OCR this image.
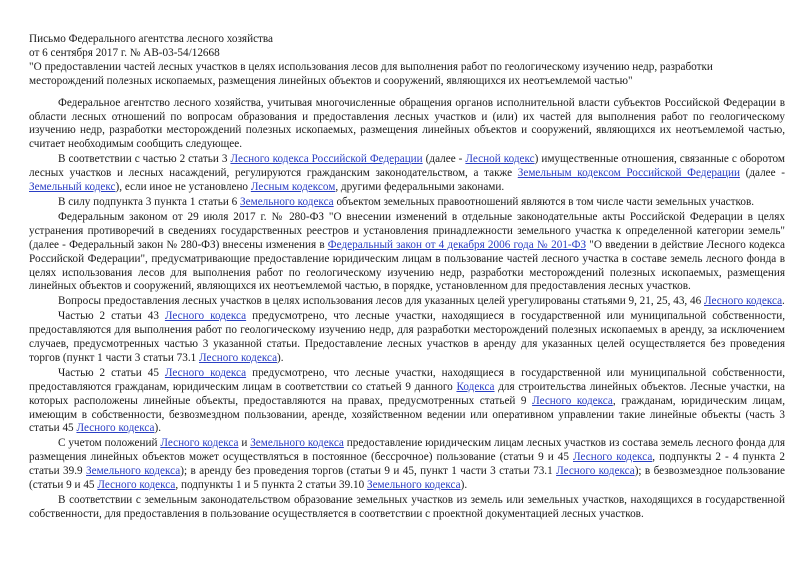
Письмо Федерального агентства лесного хозяйства
от 6 сентября 2017 г. № АВ-03-54/12668
"О предоставлении частей лесных участков в целях использования лесов для выполнения работ по геологическому изучению недр, разработки месторождений полезных ископаемых, размещения линейных объектов и сооружений, являющихся их неотъемлемой частью"
Федеральное агентство лесного хозяйства, учитывая многочисленные обращения органов исполнительной власти субъектов Российской Федерации в области лесных отношений по вопросам образования и предоставления лесных участков и (или) их частей для выполнения работ по геологическому изучению недр, разработки месторождений полезных ископаемых, размещения линейных объектов и сооружений, являющихся их неотъемлемой частью, считает необходимым сообщить следующее.
В соответствии с частью 2 статьи 3 Лесного кодекса Российской Федерации (далее - Лесной кодекс) имущественные отношения, связанные с оборотом лесных участков и лесных насаждений, регулируются гражданским законодательством, а также Земельным кодексом Российской Федерации (далее - Земельный кодекс), если иное не установлено Лесным кодексом, другими федеральными законами.
В силу подпункта 3 пункта 1 статьи 6 Земельного кодекса объектом земельных правоотношений являются в том числе части земельных участков.
Федеральным законом от 29 июля 2017 г. № 280-ФЗ "О внесении изменений в отдельные законодательные акты Российской Федерации в целях устранения противоречий в сведениях государственных реестров и установления принадлежности земельного участка к определенной категории земель" (далее - Федеральный закон № 280-ФЗ) внесены изменения в Федеральный закон от 4 декабря 2006 года № 201-ФЗ "О введении в действие Лесного кодекса Российской Федерации", предусматривающие предоставление юридическим лицам в пользование частей лесного участка в составе земель лесного фонда в целях использования лесов для выполнения работ по геологическому изучению недр, разработки месторождений полезных ископаемых, размещения линейных объектов и сооружений, являющихся их неотъемлемой частью, в порядке, установленном для предоставления лесных участков.
Вопросы предоставления лесных участков в целях использования лесов для указанных целей урегулированы статьями 9, 21, 25, 43, 46 Лесного кодекса.
Частью 2 статьи 43 Лесного кодекса предусмотрено, что лесные участки, находящиеся в государственной или муниципальной собственности, предоставляются для выполнения работ по геологическому изучению недр, для разработки месторождений полезных ископаемых в аренду, за исключением случаев, предусмотренных частью 3 указанной статьи. Предоставление лесных участков в аренду для указанных целей осуществляется без проведения торгов (пункт 1 части 3 статьи 73.1 Лесного кодекса).
Частью 2 статьи 45 Лесного кодекса предусмотрено, что лесные участки, находящиеся в государственной или муниципальной собственности, предоставляются гражданам, юридическим лицам в соответствии со статьей 9 данного Кодекса для строительства линейных объектов. Лесные участки, на которых расположены линейные объекты, предоставляются на правах, предусмотренных статьей 9 Лесного кодекса, гражданам, юридическим лицам, имеющим в собственности, безвозмездном пользовании, аренде, хозяйственном ведении или оперативном управлении такие линейные объекты (часть 3 статьи 45 Лесного кодекса).
С учетом положений Лесного кодекса и Земельного кодекса предоставление юридическим лицам лесных участков из состава земель лесного фонда для размещения линейных объектов может осуществляться в постоянное (бессрочное) пользование (статьи 9 и 45 Лесного кодекса, подпункты 2 - 4 пункта 2 статьи 39.9 Земельного кодекса); в аренду без проведения торгов (статьи 9 и 45, пункт 1 части 3 статьи 73.1 Лесного кодекса); в безвозмездное пользование (статьи 9 и 45 Лесного кодекса, подпункты 1 и 5 пункта 2 статьи 39.10 Земельного кодекса).
В соответствии с земельным законодательством образование земельных участков из земель или земельных участков, находящихся в государственной собственности, для предоставления в пользование осуществляется в соответствии с проектной документацией лесных участков.
